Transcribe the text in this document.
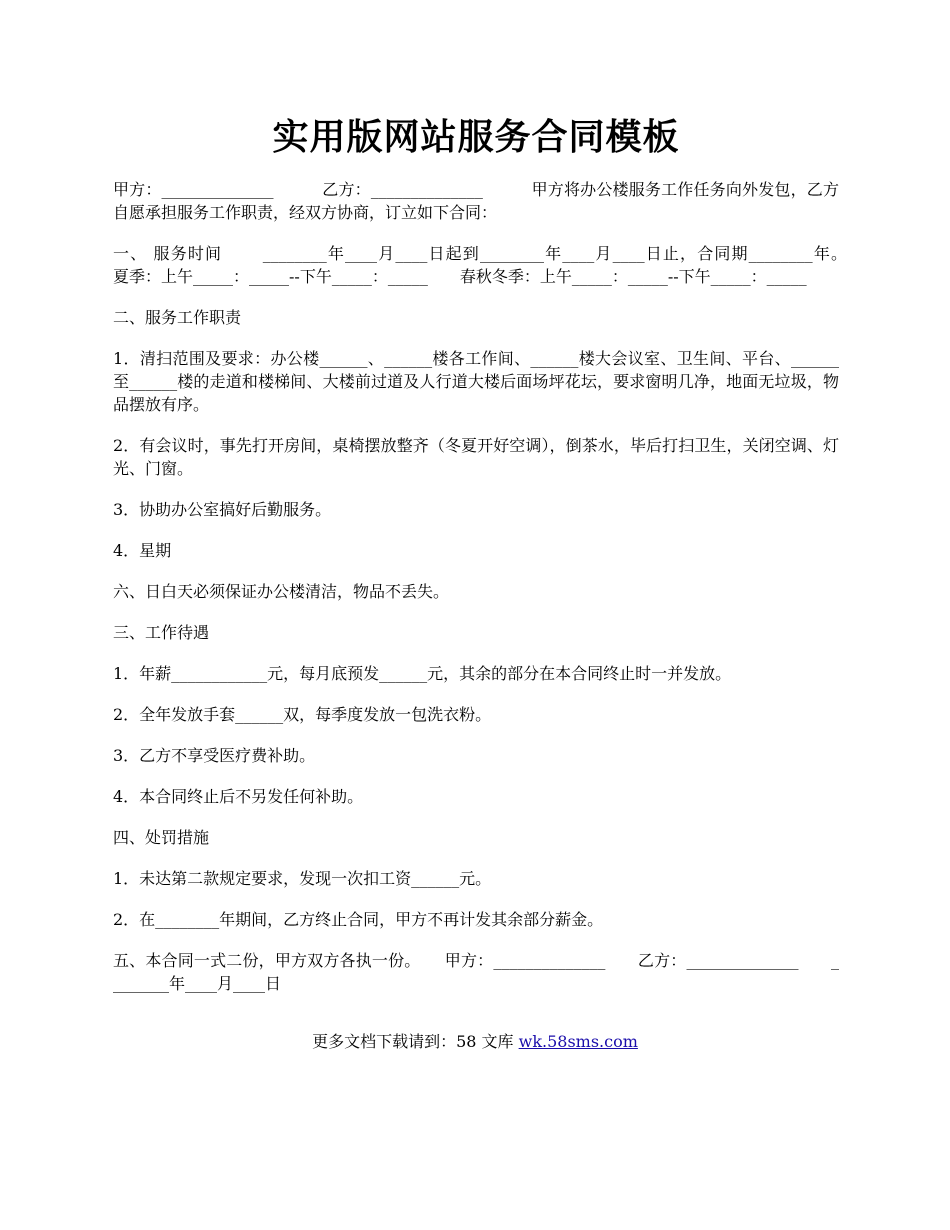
实用版网站服务合同模板

甲方：______________　　　乙方：______________　　　甲方将办公楼服务工作任务向外发包，乙方自愿承担服务工作职责，经双方协商，订立如下合同：

一、 服务时间　　 ________年____月____日起到________年____月____日止，合同期________年。　　夏季：上午_____：_____--下午_____：_____　　春秋冬季：上午_____：_____--下午_____：_____

二、服务工作职责

1．清扫范围及要求：办公楼______、______楼各工作间、______楼大会议室、卫生间、平台、______至______楼的走道和楼梯间、大楼前过道及人行道大楼后面场坪花坛，要求窗明几净，地面无垃圾，物品摆放有序。

2．有会议时，事先打开房间，桌椅摆放整齐（冬夏开好空调），倒茶水，毕后打扫卫生，关闭空调、灯光、门窗。

3．协助办公室搞好后勤服务。

4．星期

六、日白天必须保证办公楼清洁，物品不丢失。

三、工作待遇

1．年薪____________元，每月底预发______元，其余的部分在本合同终止时一并发放。

2．全年发放手套______双，每季度发放一包洗衣粉。

3．乙方不享受医疗费补助。

4．本合同终止后不另发任何补助。

四、处罚措施

1．未达第二款规定要求，发现一次扣工资______元。

2．在________年期间，乙方终止合同，甲方不再计发其余部分薪金。

五、本合同一式二份，甲方双方各执一份。　　甲方：______________　　乙方：______________　　________年____月____日

更多文档下载请到：58 文库 wk.58sms.com
